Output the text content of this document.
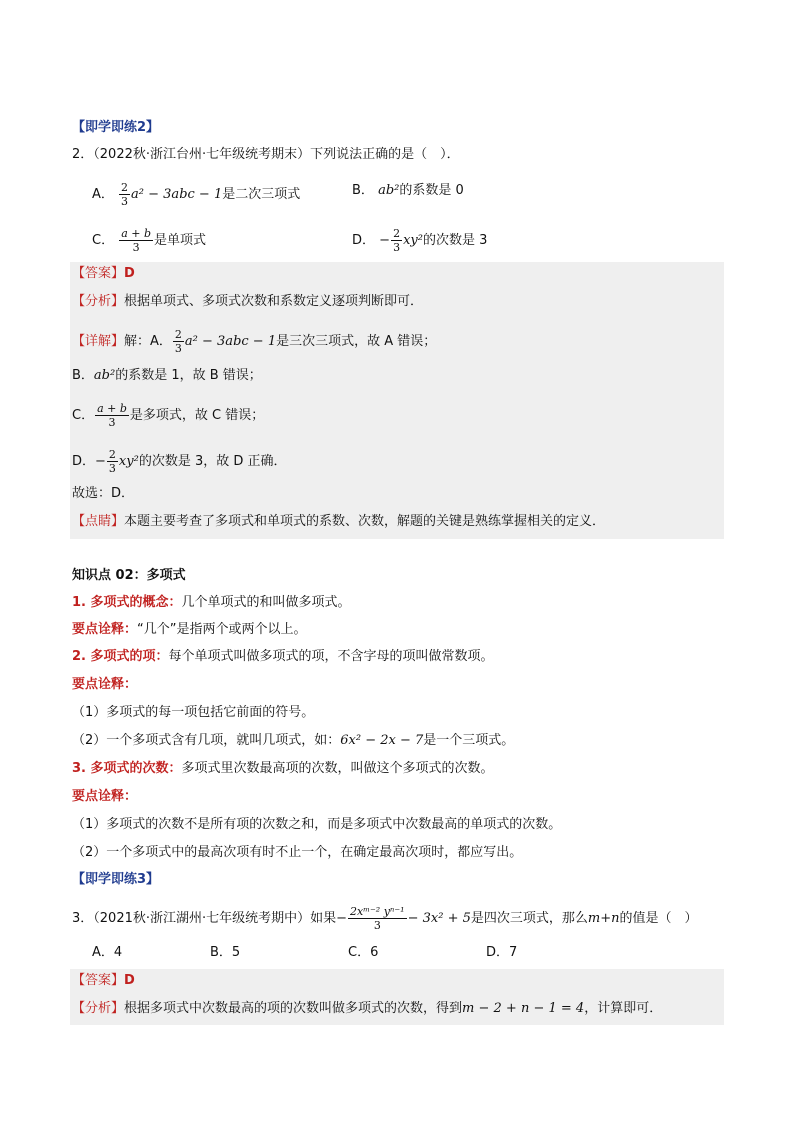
【即学即练2】
2．（2022秋·浙江台州·七年级统考期末）下列说法正确的是（　）．
A． $\frac{2}{3} a^2 - 3abc - 1$是二次三项式	B． ab²的系数是 0
C． $\frac{a + b}{3}$ 是单项式	D． − $\frac{2}{3} xy^2$的次数是 3
【答案】D
【分析】根据单项式、多项式次数和系数定义逐项判断即可．
【详解】解：A． $\frac{2}{3} a^2 - 3abc - 1$是三次三项式，故 A 错误；
B．ab²的系数是 1，故 B 错误；
C． $\frac{a + b}{3}$ 是多项式，故 C 错误；
D．− $\frac{2}{3} xy^2$的次数是 3，故 D 正确．
故选：D．
【点睛】本题主要考查了多项式和单项式的系数、次数，解题的关键是熟练掌握相关的定义．
知识点 02：多项式
1. 多项式的概念：几个单项式的和叫做多项式。
要点诠释：“几个”是指两个或两个以上。
2. 多项式的项：每个单项式叫做多项式的项，不含字母的项叫做常数项。
要点诠释：
（1）多项式的每一项包括它前面的符号。
（2）一个多项式含有几项，就叫几项式，如：6x² − 2x − 7是一个三项式。
3. 多项式的次数：多项式里次数最高项的次数，叫做这个多项式的次数。
要点诠释：
（1）多项式的次数不是所有项的次数之和，而是多项式中次数最高的单项式的次数。
（2）一个多项式中的最高次项有时不止一个，在确定最高次项时，都应写出。
【即学即练3】
3．（2021秋·浙江湖州·七年级统考期中）如果− $\frac{\text{2xᵐ⁻² yⁿ⁻¹}}{3} - 3x^2 + 5$是四次三项式，那么m+n的值是（　）
A．4	B．5	C．6	D．7
【答案】D
【分析】根据多项式中次数最高的项的次数叫做多项式的次数，得到m − 2 + n − 1 = 4，计算即可．
